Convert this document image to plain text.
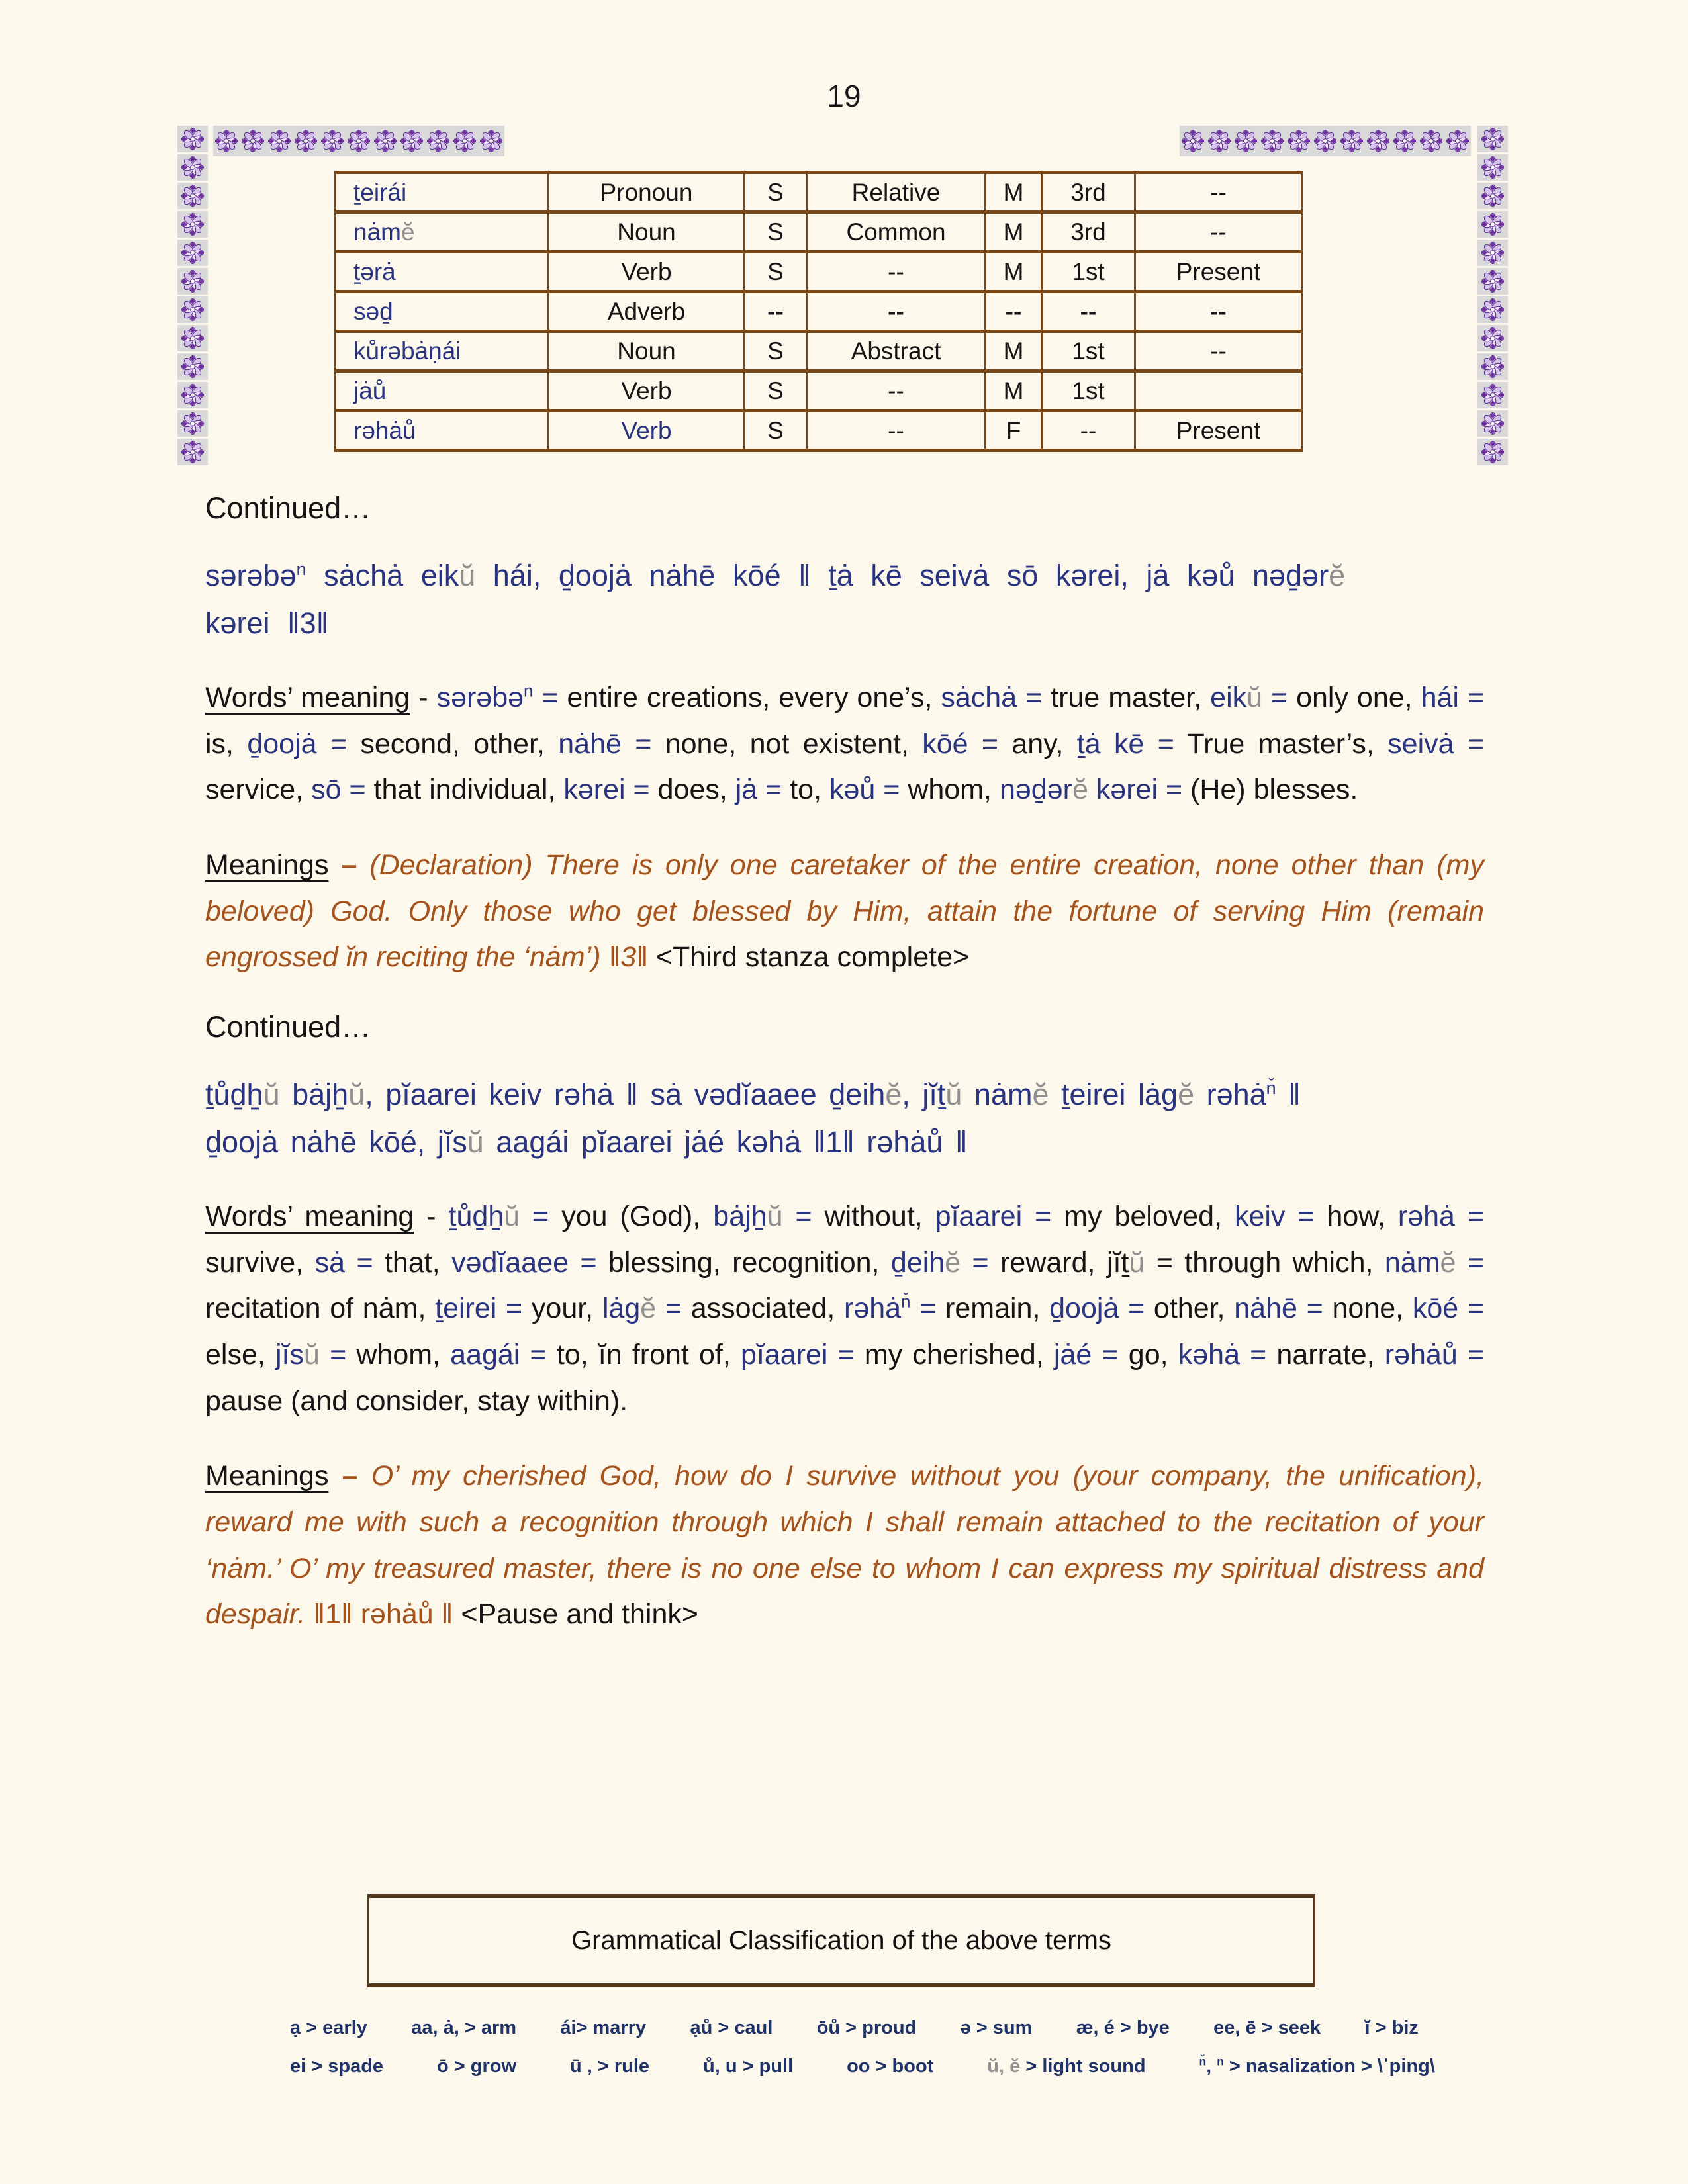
19
ṯeirái	Pronoun	S	Relative	M	3rd	--
nȧmĕ	Noun	S	Common	M	3rd	--
ṯərȧ	Verb	S	--	M	1st	Present
səḏ	Adverb	--	--	--	--	--
kůrəbȧṇái	Noun	S	Abstract	M	1st	--
jȧů	Verb	S	--	M	1st	
rəhȧů	Verb	S	--	F	--	Present
Continued…
sərəbə$^n$ sȧchȧ eikŭ hái, ḏoojȧ nȧhē kōé ǁ ṯȧ kē seivȧ sō kərei, jȧ kəů nəḏərĕ
kərei ǁ3ǁ
Words’ meaning - sərəbə$^n$ = entire creations, every one’s, sȧchȧ = true master, eikŭ = only one, hái = is, ḏoojȧ = second, other, nȧhē = none, not existent, kōé = any, ṯȧ kē = True master’s, seivȧ = service, sō = that individual, kərei = does, jȧ = to, kəů = whom, nəḏərĕ kərei = (He) blesses.
Meanings – (Declaration) There is only one caretaker of the entire creation, none other than (my beloved) God. Only those who get blessed by Him, attain the fortune of serving Him (remain engrossed ĭn reciting the ‘nȧm’) ǁ3ǁ <Third stanza complete>
Continued…
ṯůḏẖŭ bȧjẖŭ, pĭaarei keiv rəhȧ ǁ sȧ vədĭaaee ḏeihĕ, jĭṯŭ nȧmĕ ṯeirei lȧgĕ rəhȧ$^{n̆}$ ǁ
ḏoojȧ nȧhē kōé, jĭsŭ aagái pĭaarei jȧé kəhȧ ǁ1ǁ rəhȧů ǁ
Words’ meaning - ṯůḏẖŭ = you (God), bȧjẖŭ = without, pĭaarei = my beloved, keiv = how, rəhȧ = survive, sȧ = that, vədĭaaee = blessing, recognition, ḏeihĕ = reward, jĭṯŭ = through which, nȧmĕ = recitation of nȧm, ṯeirei = your, lȧgĕ = associated, rəhȧ$^{n̆}$ = remain, ḏoojȧ = other, nȧhē = none, kōé = else, jĭsŭ = whom, aagái = to, ĭn front of, pĭaarei = my cherished, jȧé = go, kəhȧ = narrate, rəhȧů = pause (and consider, stay within).
Meanings – O’ my cherished God, how do I survive without you (your company, the unification), reward me with such a recognition through which I shall remain attached to the recitation of your ‘nȧm.’ O’ my treasured master, there is no one else to whom I can express my spiritual distress and despair. ǁ1ǁ rəhȧů ǁ <Pause and think>
Grammatical Classification of the above terms
ạ > early aa, ȧ, > arm ái> marry ạů > caul ōů > proud ə > sum æ, é > bye ee, ē > seek ĭ > biz
ei > spade	ō > grow	ū , > rule	ů, u > pull	oo > boot	ŭ, ĕ > light sound	$^{n̆}$, $^n$ > nasalization > \ˈping\
